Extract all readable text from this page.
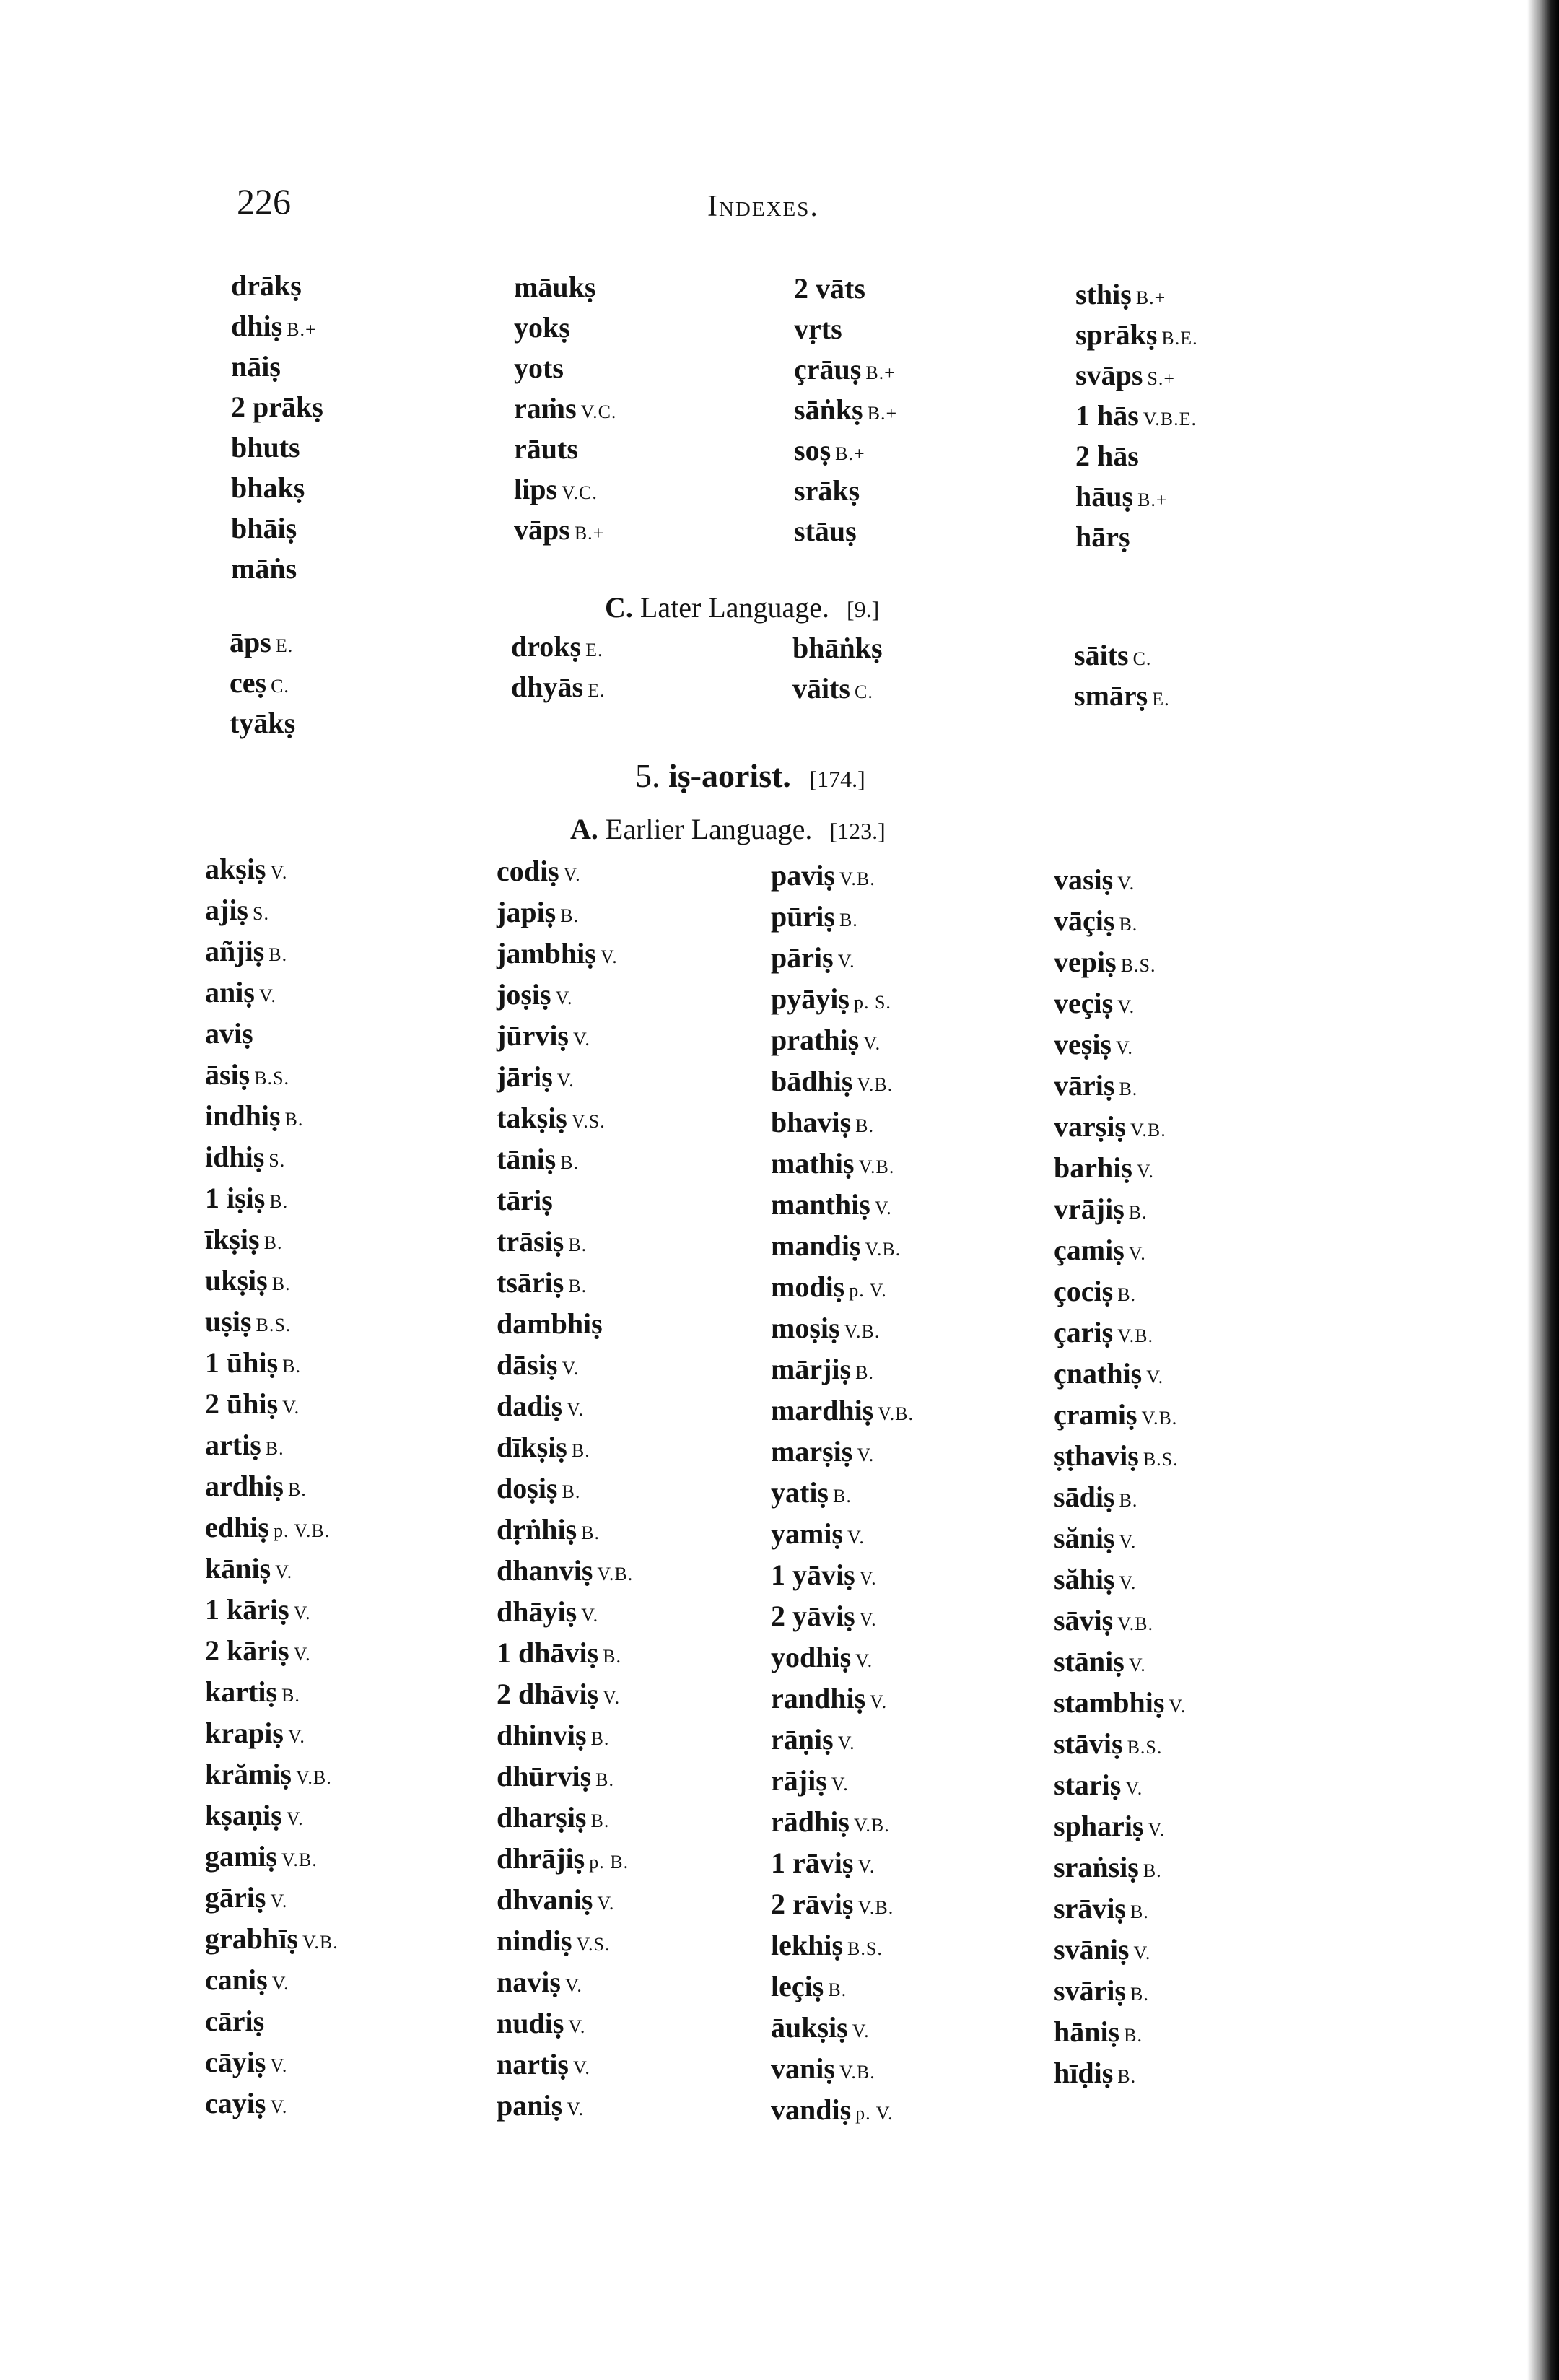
226	Indexes.
drākṣ
dhiṣ B.+
nāiṣ
2 prākṣ
bhuts
bhakṣ
bhāiṣ
māṅs
māukṣ
yokṣ
yots
raṁs V.C.
rāuts
lips V.C.
vāps B.+
2 vāts
vṛts
çrāuṣ B.+
sāṅkṣ B.+
soṣ B.+
srākṣ
stāuṣ
sthiṣ B.+
sprākṣ B.E.
svāps S.+
1 hās V.B.E.
2 hās
hāuṣ B.+
hārṣ
C. Later Language. [9.]
āps E.
ceṣ C.
tyākṣ
drokṣ E.
dhyās E.
bhāṅkṣ
vāits C.
sāits C.
smārṣ E.
5. iṣ-aorist. [174.]
A. Earlier Language. [123.]
akṣiṣ V.
ajiṣ S.
añjiṣ B.
aniṣ V.
aviṣ
āsiṣ B.S.
indhiṣ B.
idhiṣ S.
1 iṣiṣ B.
īkṣiṣ B.
ukṣiṣ B.
uṣiṣ B.S.
1 ūhiṣ B.
2 ūhiṣ V.
artiṣ B.
ardhiṣ B.
edhiṣ p. V.B.
kāniṣ V.
1 kāriṣ V.
2 kāriṣ V.
kartiṣ B.
krapiṣ V.
krămiṣ V.B.
kṣaṇiṣ V.
gamiṣ V.B.
gāriṣ V.
grabhīṣ V.B.
caniṣ V.
cāriṣ
cāyiṣ V.
cayiṣ V.
codiṣ V.
japiṣ B.
jambhiṣ V.
joṣiṣ V.
jūrviṣ V.
jāriṣ V.
takṣiṣ V.S.
tāniṣ B.
tāriṣ
trāsiṣ B.
tsāriṣ B.
dambhiṣ
dāsiṣ V.
dadiṣ V.
dīkṣiṣ B.
doṣiṣ B.
dṛṅhiṣ B.
dhanviṣ V.B.
dhāyiṣ V.
1 dhāviṣ B.
2 dhāviṣ V.
dhinviṣ B.
dhūrviṣ B.
dharṣiṣ B.
dhrājiṣ p. B.
dhvaniṣ V.
nindiṣ V.S.
naviṣ V.
nudiṣ V.
nartiṣ V.
paniṣ V.
paviṣ V.B.
pūriṣ B.
pāriṣ V.
pyāyiṣ p. S.
prathiṣ V.
bādhiṣ V.B.
bhaviṣ B.
mathiṣ V.B.
manthiṣ V.
mandiṣ V.B.
modiṣ p. V.
moṣiṣ V.B.
mārjiṣ B.
mardhiṣ V.B.
marṣiṣ V.
yatiṣ B.
yamiṣ V.
1 yāviṣ V.
2 yāviṣ V.
yodhiṣ V.
randhiṣ V.
rāṇiṣ V.
rājiṣ V.
rādhiṣ V.B.
1 rāviṣ V.
2 rāviṣ V.B.
lekhiṣ B.S.
leçiṣ B.
āukṣiṣ V.
vaniṣ V.B.
vandiṣ p. V.
vasiṣ V.
vāçiṣ B.
vepiṣ B.S.
veçiṣ V.
veṣiṣ V.
vāriṣ B.
varṣiṣ V.B.
barhiṣ V.
vrājiṣ B.
çamiṣ V.
çociṣ B.
çariṣ V.B.
çnathiṣ V.
çramiṣ V.B.
ṣṭhaviṣ B.S.
sādiṣ B.
săniṣ V.
săhiṣ V.
sāviṣ V.B.
stāniṣ V.
stambhiṣ V.
stāviṣ B.S.
stariṣ V.
sphariṣ V.
sraṅsiṣ B.
srāviṣ B.
svāniṣ V.
svāriṣ B.
hāniṣ B.
hīḍiṣ B.
